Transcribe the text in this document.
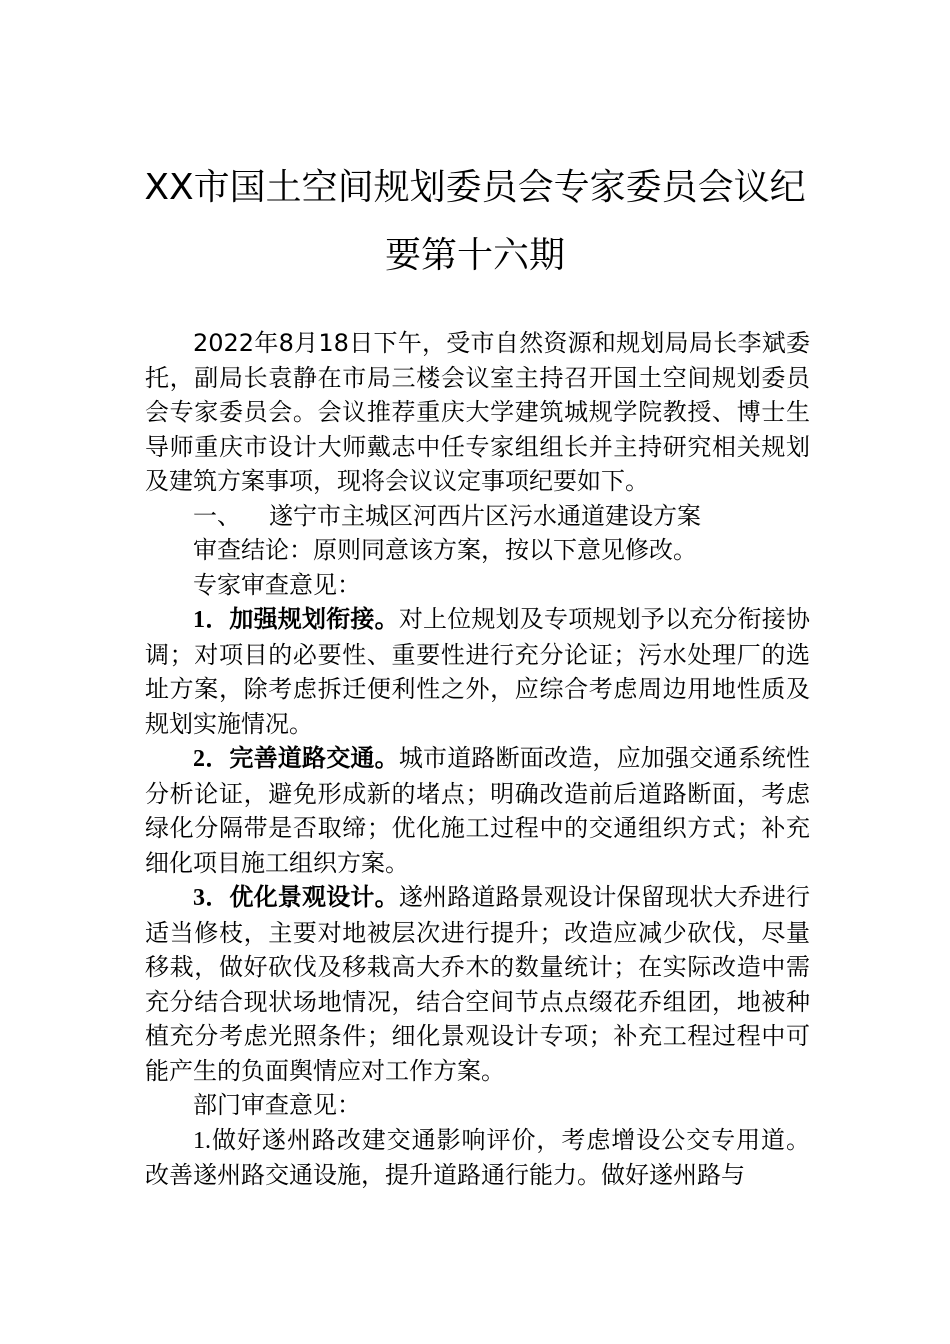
XX市国土空间规划委员会专家委员会议纪
要第十六期

2022年8月18日下午，受市自然资源和规划局局长李斌委托，副局长袁静在市局三楼会议室主持召开国土空间规划委员会专家委员会。会议推荐重庆大学建筑城规学院教授、博士生导师重庆市设计大师戴志中任专家组组长并主持研究相关规划及建筑方案事项，现将会议议定事项纪要如下。

一、 遂宁市主城区河西片区污水通道建设方案

审查结论：原则同意该方案，按以下意见修改。

专家审查意见：

1．加强规划衔接。对上位规划及专项规划予以充分衔接协调；对项目的必要性、重要性进行充分论证；污水处理厂的选址方案，除考虑拆迁便利性之外，应综合考虑周边用地性质及规划实施情况。

2．完善道路交通。城市道路断面改造，应加强交通系统性分析论证，避免形成新的堵点；明确改造前后道路断面，考虑绿化分隔带是否取缔；优化施工过程中的交通组织方式；补充细化项目施工组织方案。

3．优化景观设计。遂州路道路景观设计保留现状大乔进行适当修枝，主要对地被层次进行提升；改造应减少砍伐，尽量移栽，做好砍伐及移栽高大乔木的数量统计；在实际改造中需充分结合现状场地情况，结合空间节点点缀花乔组团，地被种植充分考虑光照条件；细化景观设计专项；补充工程过程中可能产生的负面舆情应对工作方案。

部门审查意见：

1.做好遂州路改建交通影响评价，考虑增设公交专用道。改善遂州路交通设施，提升道路通行能力。做好遂州路与
